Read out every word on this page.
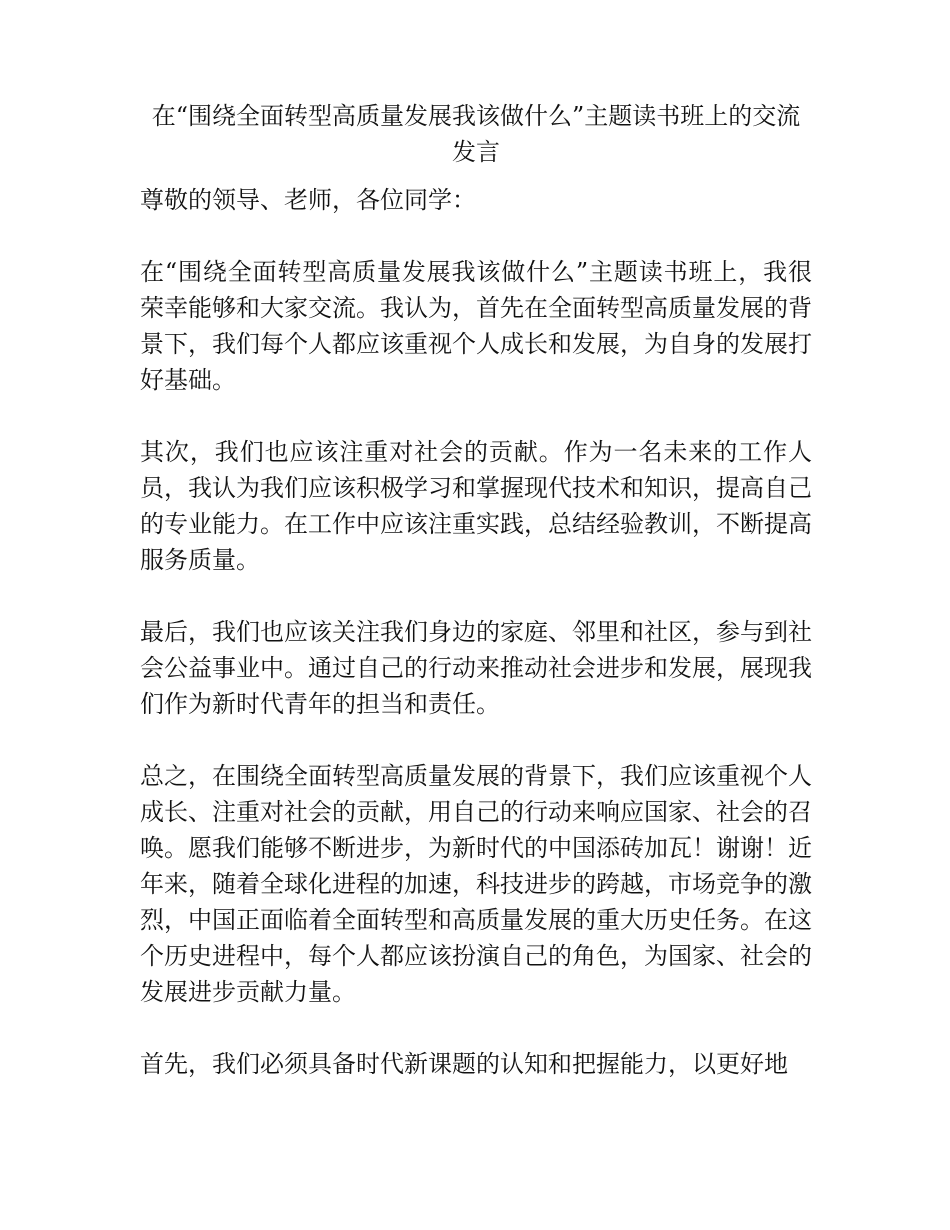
在“围绕全面转型高质量发展我该做什么”主题读书班上的交流
发言

尊敬的领导、老师，各位同学：

在“围绕全面转型高质量发展我该做什么”主题读书班上，我很荣幸能够和大家交流。我认为，首先在全面转型高质量发展的背景下，我们每个人都应该重视个人成长和发展，为自身的发展打好基础。

其次，我们也应该注重对社会的贡献。作为一名未来的工作人员，我认为我们应该积极学习和掌握现代技术和知识，提高自己的专业能力。在工作中应该注重实践，总结经验教训，不断提高服务质量。

最后，我们也应该关注我们身边的家庭、邻里和社区，参与到社会公益事业中。通过自己的行动来推动社会进步和发展，展现我们作为新时代青年的担当和责任。

总之，在围绕全面转型高质量发展的背景下，我们应该重视个人成长、注重对社会的贡献，用自己的行动来响应国家、社会的召唤。愿我们能够不断进步，为新时代的中国添砖加瓦！谢谢！近年来，随着全球化进程的加速，科技进步的跨越，市场竞争的激烈，中国正面临着全面转型和高质量发展的重大历史任务。在这个历史进程中，每个人都应该扮演自己的角色，为国家、社会的发展进步贡献力量。

首先，我们必须具备时代新课题的认知和把握能力，以更好地
